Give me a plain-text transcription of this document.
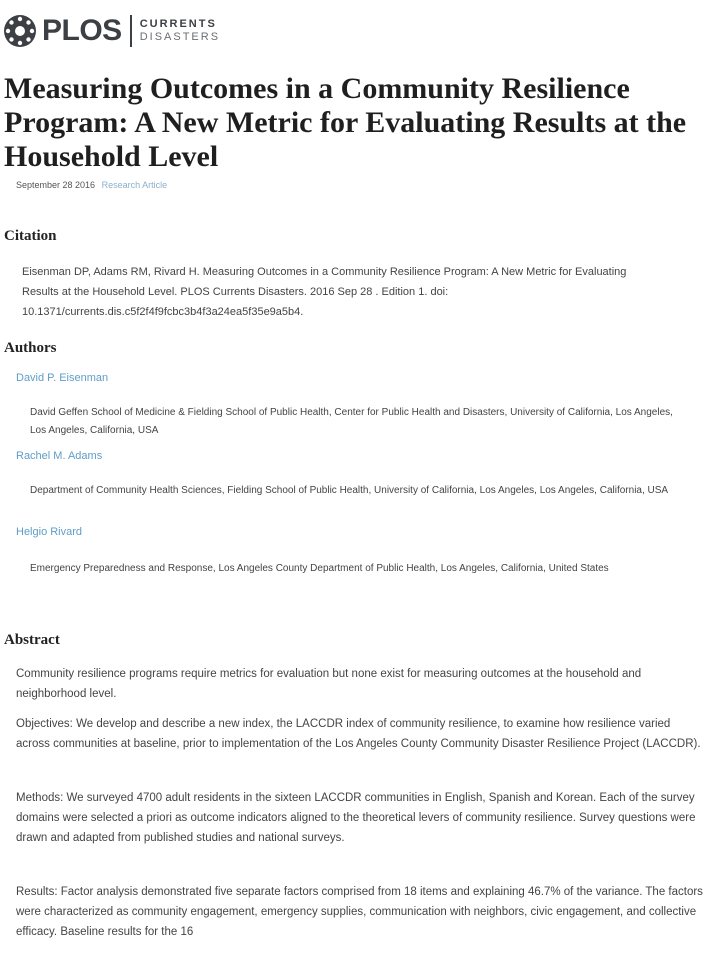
PLOS CURRENTS
DISASTERS
Measuring Outcomes in a Community Resilience Program: A New Metric for Evaluating Results at the Household Level
September 28 2016 Research Article
Citation

Eisenman DP, Adams RM, Rivard H. Measuring Outcomes in a Community Resilience Program: A New Metric for Evaluating Results at the Household Level. PLOS Currents Disasters. 2016 Sep 28 . Edition 1. doi: 10.1371/currents.dis.c5f2f4f9fcbc3b4f3a24ea5f35e9a5b4.

Authors
David P. Eisenman

David Geffen School of Medicine & Fielding School of Public Health, Center for Public Health and Disasters, University of California, Los Angeles, Los Angeles, California, USA

Rachel M. Adams

Department of Community Health Sciences, Fielding School of Public Health, University of California, Los Angeles, Los Angeles, California, USA

Helgio Rivard

Emergency Preparedness and Response, Los Angeles County Department of Public Health, Los Angeles, California, United States

Abstract

Community resilience programs require metrics for evaluation but none exist for measuring outcomes at the household and neighborhood level.

Objectives: We develop and describe a new index, the LACCDR index of community resilience, to examine how resilience varied across communities at baseline, prior to implementation of the Los Angeles County Community Disaster Resilience Project (LACCDR).

Methods: We surveyed 4700 adult residents in the sixteen LACCDR communities in English, Spanish and Korean. Each of the survey domains were selected a priori as outcome indicators aligned to the theoretical levers of community resilience. Survey questions were drawn and adapted from published studies and national surveys.

Results: Factor analysis demonstrated five separate factors comprised from 18 items and explaining 46.7% of the variance. The factors were characterized as community engagement, emergency supplies, communication with neighbors, civic engagement, and collective efficacy. Baseline results for the 16
